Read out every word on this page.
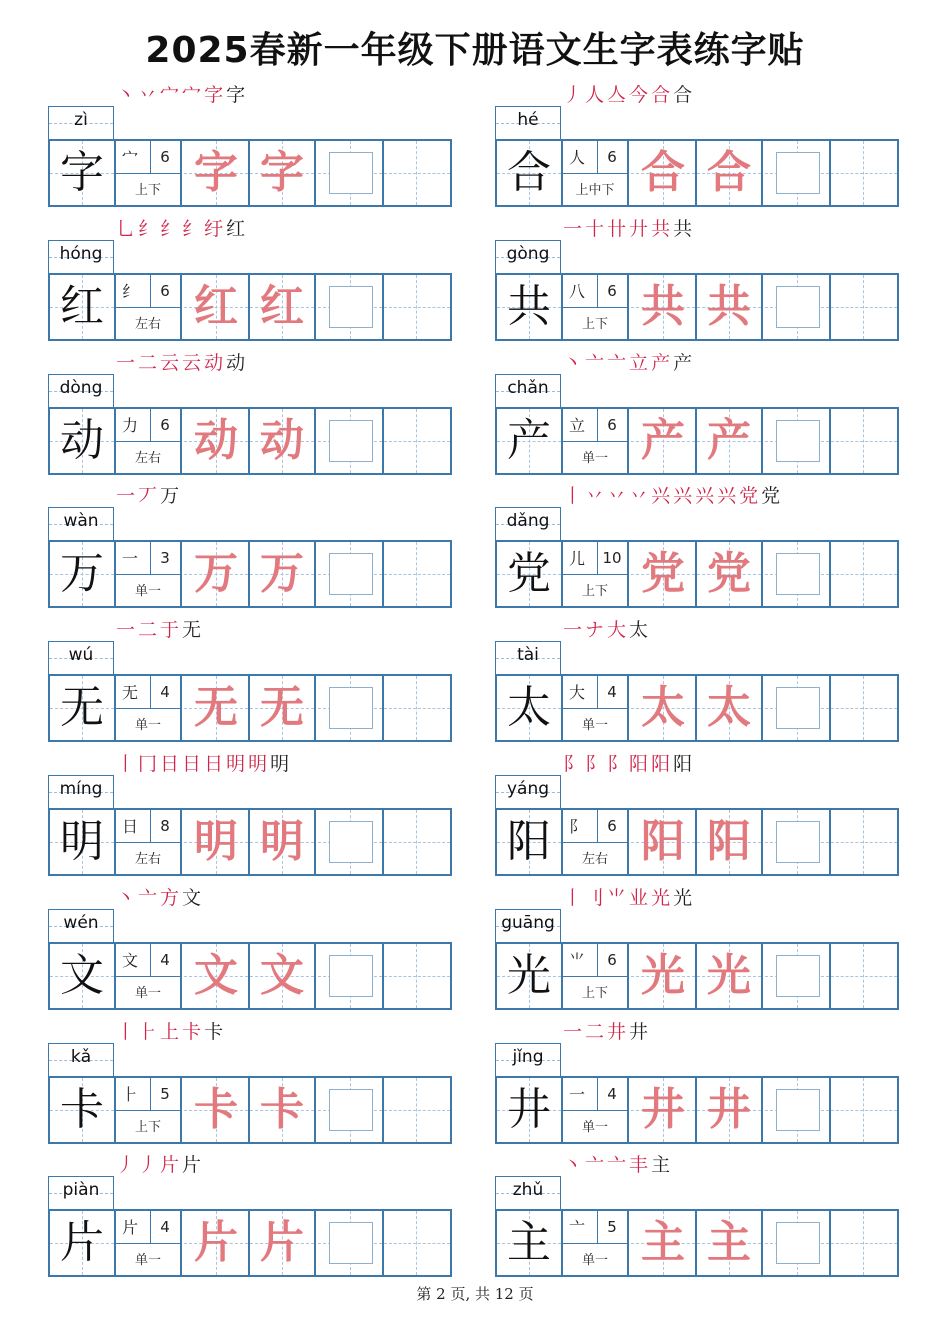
2025春新一年级下册语文生字表练字贴
丶丷宀宀字字
zì
字	宀	6
上下 字 字
丿人亼今合合
hé
合	人	6
上中下 合 合
乚纟纟纟纡红
hóng
红	纟	6
左右 红 红
一十卄廾共共
gòng
共	八	6
上下 共 共
一二云云动动
dòng
动	力	6
左右 动 动
丶亠亠立产产
chǎn
产	立	6
单一 产 产
一丆万
wàn
万	一	3
单一 万 万
丨丷丷丷兴兴兴兴党党
dǎng
党	儿	10
上下 党 党
一二于无
wú
无	无	4
单一 无 无
一ナ大太
tài
太	大	4
单一 太 太
丨冂日日日明明明
míng
明	日	8
左右 明 明
⻖阝阝阳阳阳
yáng
阳	阝	6
左右 阳 阳
丶亠方文
wén
文	文	4
单一 文 文
丨刂⺌业光光
guāng
光	⺌	6
上下 光 光
丨⺊上卡卡
kǎ
卡	⺊	5
上下 卡 卡
一二井井
jǐng
井	一	4
单一 井 井
丿丿片片
piàn
片	片	4
单一 片 片
丶亠亠丰主
zhǔ
主	亠	5
单一 主 主
第 2 页, 共 12 页
